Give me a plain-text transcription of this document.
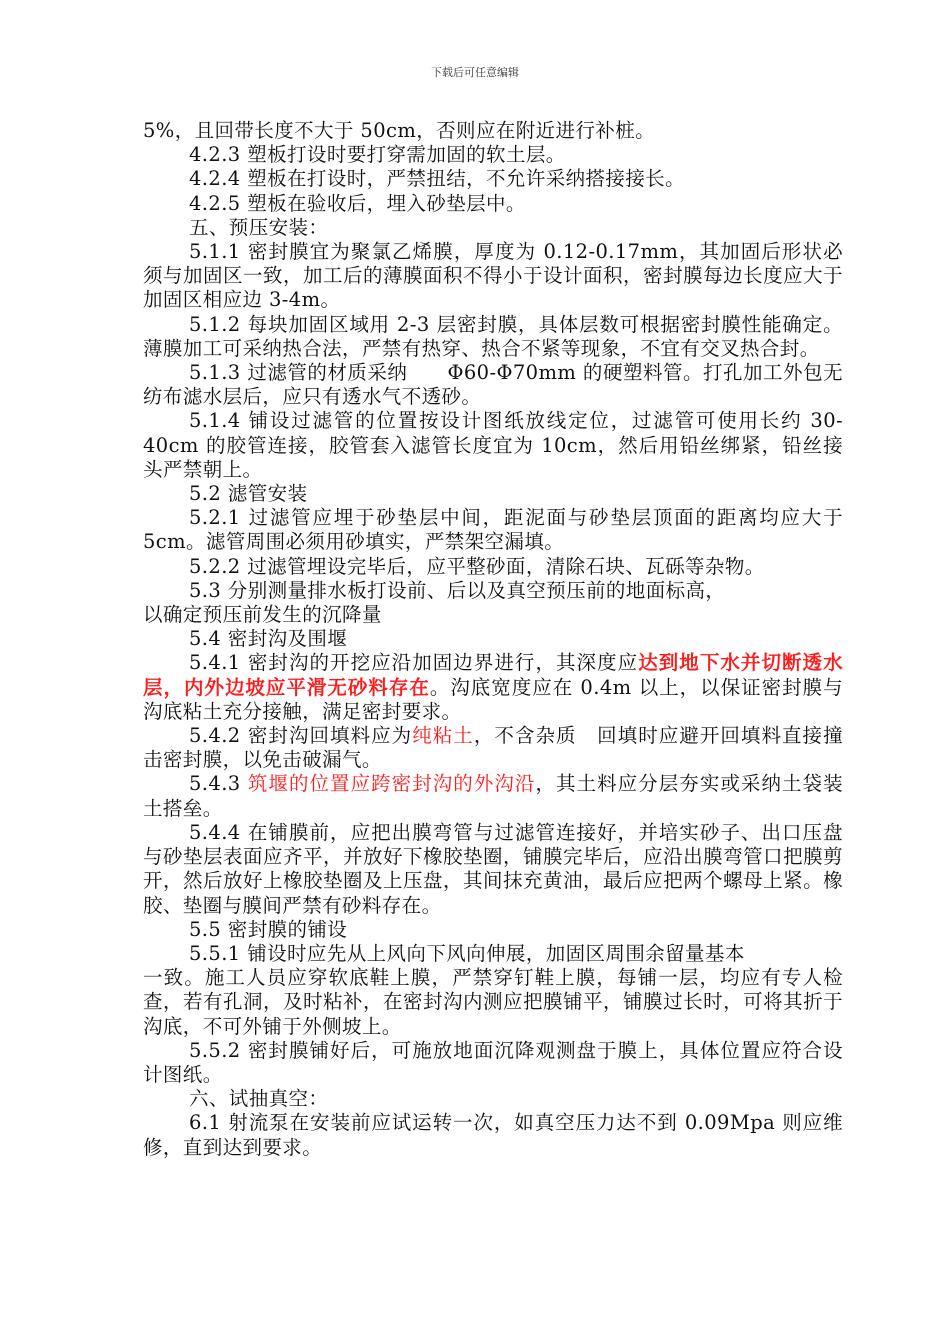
下载后可任意编辑

5%，且回带长度不大于 50cm，否则应在附近进行补桩。

4.2.3 塑板打设时要打穿需加固的软土层。

4.2.4 塑板在打设时，严禁扭结，不允许采纳搭接接长。

4.2.5 塑板在验收后，埋入砂垫层中。

五、预压安装：

5.1.1 密封膜宜为聚氯乙烯膜，厚度为 0.12-0.17mm，其加固后形状必须与加固区一致，加工后的薄膜面积不得小于设计面积，密封膜每边长度应大于加固区相应边 3-4m。

5.1.2 每块加固区域用 2-3 层密封膜，具体层数可根据密封膜性能确定。薄膜加工可采纳热合法，严禁有热穿、热合不紧等现象，不宜有交叉热合封。

5.1.3 过滤管的材质采纳　　Φ60-Φ70mm 的硬塑料管。打孔加工外包无纺布滤水层后，应只有透水气不透砂。

5.1.4 铺设过滤管的位置按设计图纸放线定位，过滤管可使用长约 30-40cm 的胶管连接，胶管套入滤管长度宜为 10cm，然后用铅丝绑紧，铅丝接头严禁朝上。

5.2 滤管安装

5.2.1 过滤管应埋于砂垫层中间，距泥面与砂垫层顶面的距离均应大于 5cm。滤管周围必须用砂填实，严禁架空漏填。

5.2.2 过滤管埋设完毕后，应平整砂面，清除石块、瓦砾等杂物。

5.3 分别测量排水板打设前、后以及真空预压前的地面标高，

以确定预压前发生的沉降量

5.4 密封沟及围堰

5.4.1 密封沟的开挖应沿加固边界进行，其深度应达到地下水并切断透水层，内外边坡应平滑无砂料存在。沟底宽度应在 0.4m 以上，以保证密封膜与沟底粘土充分接触，满足密封要求。

5.4.2 密封沟回填料应为纯粘土，不含杂质　回填时应避开回填料直接撞击密封膜，以免击破漏气。

5.4.3 筑堰的位置应跨密封沟的外沟沿，其土料应分层夯实或采纳土袋装土搭垒。

5.4.4 在铺膜前，应把出膜弯管与过滤管连接好，并培实砂子、出口压盘与砂垫层表面应齐平，并放好下橡胶垫圈，铺膜完毕后，应沿出膜弯管口把膜剪开，然后放好上橡胶垫圈及上压盘，其间抹充黄油，最后应把两个螺母上紧。橡胶、垫圈与膜间严禁有砂料存在。

5.5 密封膜的铺设

5.5.1 铺设时应先从上风向下风向伸展，加固区周围余留量基本

一致。施工人员应穿软底鞋上膜，严禁穿钉鞋上膜，每铺一层，均应有专人检查，若有孔洞，及时粘补，在密封沟内测应把膜铺平，铺膜过长时，可将其折于沟底，不可外铺于外侧坡上。

5.5.2 密封膜铺好后，可施放地面沉降观测盘于膜上，具体位置应符合设计图纸。

六、试抽真空：

6.1 射流泵在安装前应试运转一次，如真空压力达不到 0.09Mpa 则应维修，直到达到要求。
